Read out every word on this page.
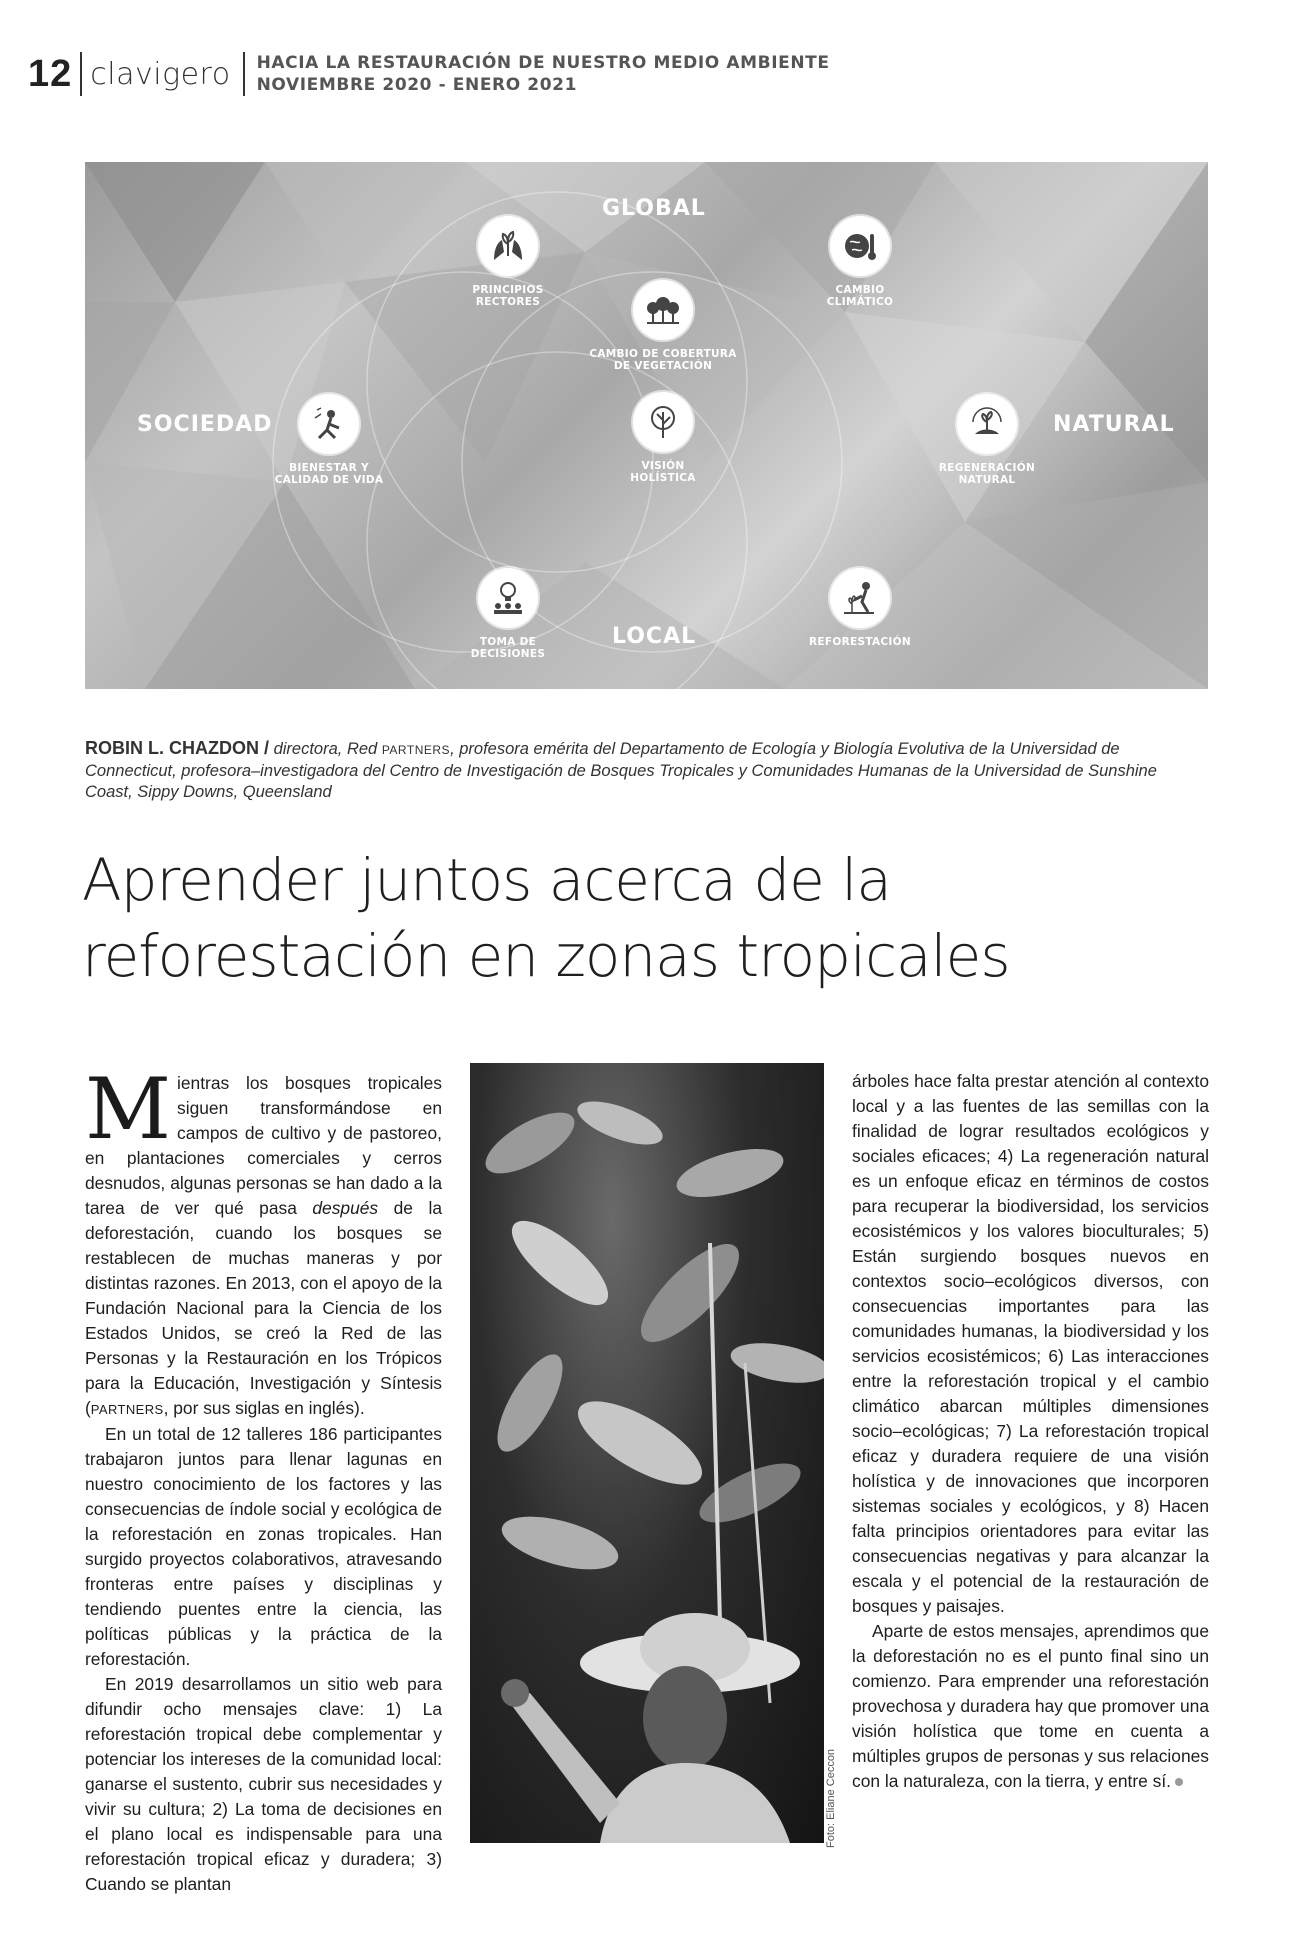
12 clavigero HACIA LA RESTAURACIÓN DE NUESTRO MEDIO AMBIENTE
NOVIEMBRE 2020 - ENERO 2021
GLOBAL
LOCAL
SOCIEDAD	NATURAL
PRINCIPIOS
RECTORES
CAMBIO
CLIMÁTICO
CAMBIO DE COBERTURA
DE VEGETACIÓN
VISIÓN
HOLÍSTICA
BIENESTAR Y
CALIDAD DE VIDA
REGENERACIÓN
NATURAL
TOMA DE
DECISIONES
REFORESTACIÓN
ROBIN L. CHAZDON / directora, Red PARTNERS, profesora emérita del Departamento de Ecología y Biología Evolutiva de la Universidad de Connecticut, profesora–investigadora del Centro de Investigación de Bosques Tropicales y Comunidades Humanas de la Universidad de Sunshine Coast, Sippy Downs, Queensland
Aprender juntos acerca de la
reforestación en zonas tropicales

Mientras los bosques tropicales siguen transformándose en campos de cultivo y de pastoreo, en plantaciones comerciales y cerros desnudos, algunas personas se han dado a la tarea de ver qué pasa después de la deforestación, cuando los bosques se restablecen de muchas maneras y por distintas razones. En 2013, con el apoyo de la Fundación Nacional para la Ciencia de los Estados Unidos, se creó la Red de las Personas y la Restauración en los Trópicos para la Educación, Investigación y Síntesis (PARTNERS, por sus siglas en inglés).

En un total de 12 talleres 186 participantes trabajaron juntos para llenar lagunas en nuestro conocimiento de los factores y las consecuencias de índole social y ecológica de la reforestación en zonas tropicales. Han surgido proyectos colaborativos, atravesando fronteras entre países y disciplinas y tendiendo puentes entre la ciencia, las políticas públicas y la práctica de la reforestación.

En 2019 desarrollamos un sitio web para difundir ocho mensajes clave: 1) La reforestación tropical debe complementar y potenciar los intereses de la comunidad local: ganarse el sustento, cubrir sus necesidades y vivir su cultura; 2) La toma de decisiones en el plano local es indispensable para una reforestación tropical eficaz y duradera; 3) Cuando se plantan

Foto: Eliane Ceccon

árboles hace falta prestar atención al contexto local y a las fuentes de las semillas con la finalidad de lograr resultados ecológicos y sociales eficaces; 4) La regeneración natural es un enfoque eficaz en términos de costos para recuperar la biodiversidad, los servicios ecosistémicos y los valores bioculturales; 5) Están surgiendo bosques nuevos en contextos socio–ecológicos diversos, con consecuencias importantes para las comunidades humanas, la biodiversidad y los servicios ecosistémicos; 6) Las interacciones entre la reforestación tropical y el cambio climático abarcan múltiples dimensiones socio–ecológicas; 7) La reforestación tropical eficaz y duradera requiere de una visión holística y de innovaciones que incorporen sistemas sociales y ecológicos, y 8) Hacen falta principios orientadores para evitar las consecuencias negativas y para alcanzar la escala y el potencial de la restauración de bosques y paisajes.

Aparte de estos mensajes, aprendimos que la deforestación no es el punto final sino un comienzo. Para emprender una reforestación provechosa y duradera hay que promover una visión holística que tome en cuenta a múltiples grupos de personas y sus relaciones con la naturaleza, con la tierra, y entre sí.
